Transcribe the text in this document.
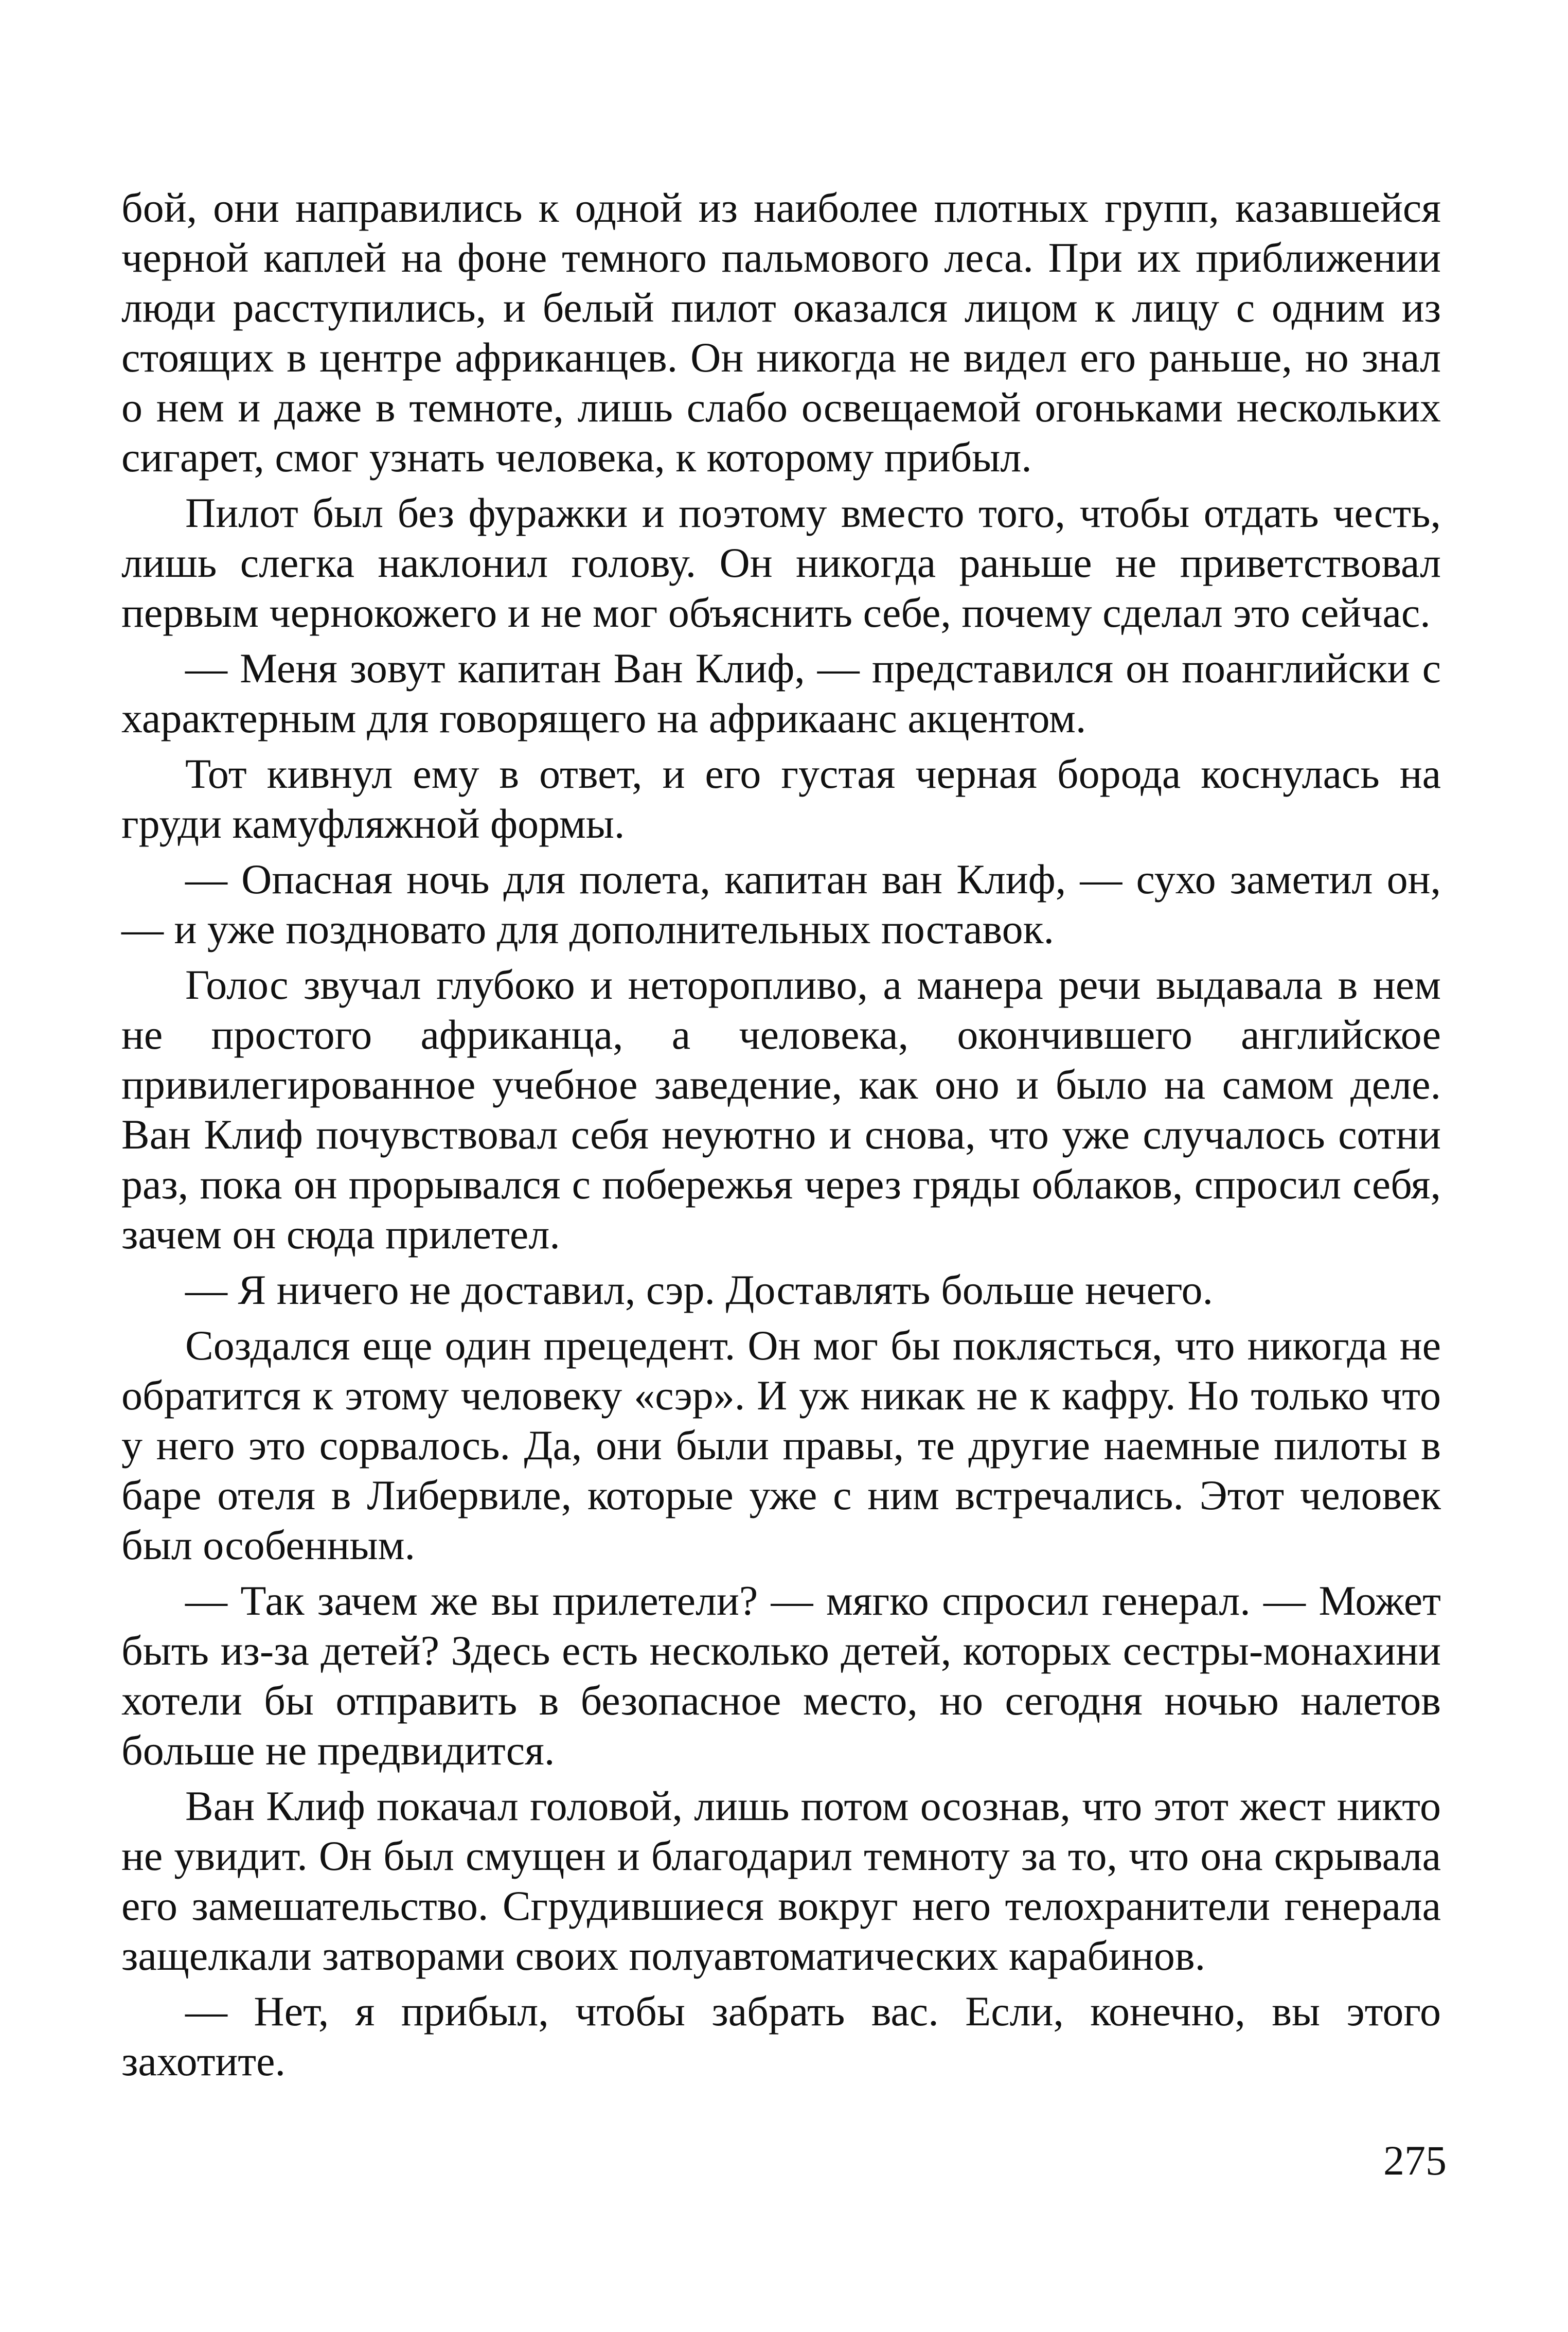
бой, они направились к одной из наиболее плотных групп, казавшейся черной каплей на фоне темного пальмового леса. При их приближении люди расступились, и белый пилот оказался лицом к лицу с одним из стоящих в центре африканцев. Он никогда не видел его раньше, но знал о нем и даже в темноте, лишь слабо освещаемой огоньками нескольких сигарет, смог узнать человека, к которому прибыл.

Пилот был без фуражки и поэтому вместо того, чтобы отдать честь, лишь слегка наклонил голову. Он никогда раньше не приветствовал первым чернокожего и не мог объяснить себе, почему сделал это сейчас.

— Меня зовут капитан Ван Клиф, — представился он поанглийски с характерным для говорящего на африкаанс акцентом.

Тот кивнул ему в ответ, и его густая черная борода коснулась на груди камуфляжной формы.

— Опасная ночь для полета, капитан ван Клиф, — сухо заметил он, — и уже поздновато для дополнительных поставок.

Голос звучал глубоко и неторопливо, а манера речи выдавала в нем не простого африканца, а человека, окончившего английское привилегированное учебное заведение, как оно и было на самом деле. Ван Клиф почувствовал себя неуютно и снова, что уже случалось сотни раз, пока он прорывался с побережья через гряды облаков, спросил себя, зачем он сюда прилетел.

— Я ничего не доставил, сэр. Доставлять больше нечего.

Создался еще один прецедент. Он мог бы поклясться, что никогда не обратится к этому человеку «сэр». И уж никак не к кафру. Но только что у него это сорвалось. Да, они были правы, те другие наемные пилоты в баре отеля в Либервиле, которые уже с ним встречались. Этот человек был особенным.

— Так зачем же вы прилетели? — мягко спросил генерал. — Может быть из-за детей? Здесь есть несколько детей, которых сестры-монахини хотели бы отправить в безопасное место, но сегодня ночью налетов больше не предвидится.

Ван Клиф покачал головой, лишь потом осознав, что этот жест никто не увидит. Он был смущен и благодарил темноту за то, что она скрывала его замешательство. Сгрудившиеся вокруг него телохранители генерала защелкали затворами своих полуавтоматических карабинов.

— Нет, я прибыл, чтобы забрать вас. Если, конечно, вы этого захотите.

275
